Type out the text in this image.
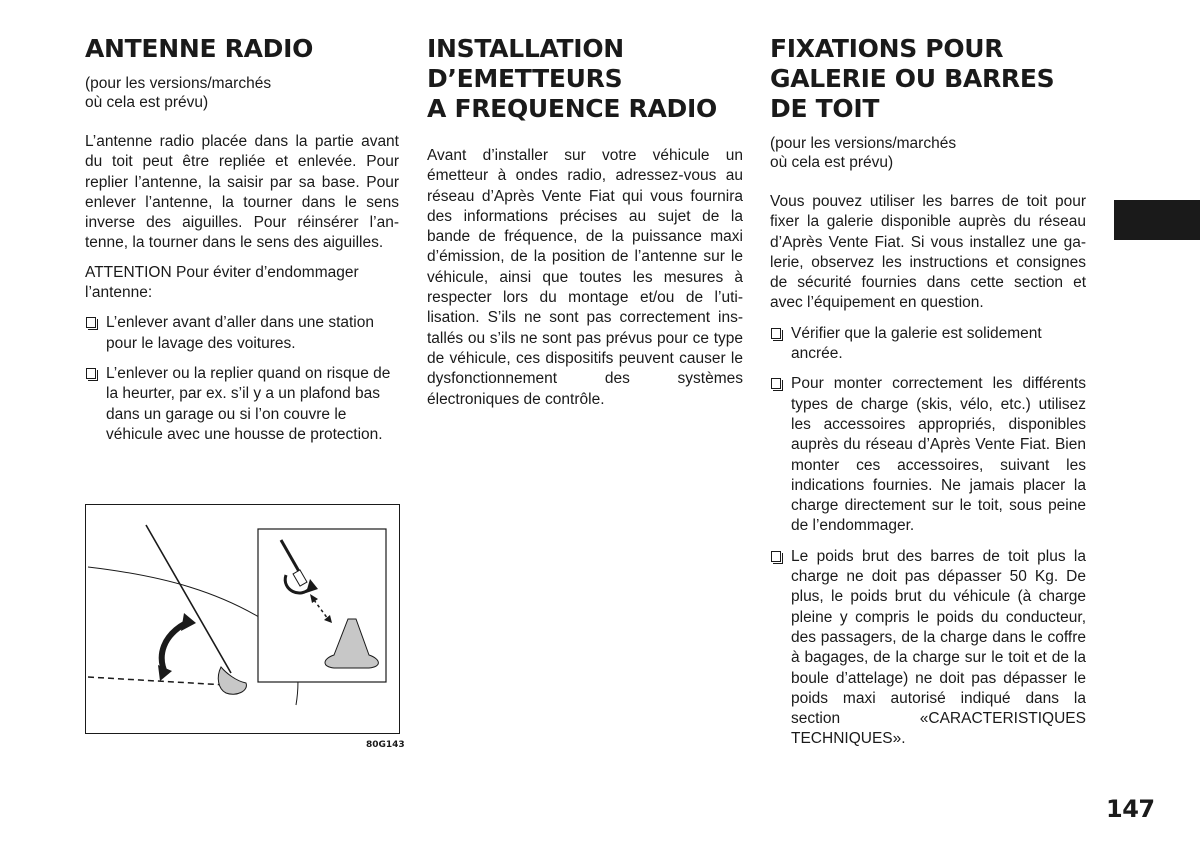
ANTENNE RADIO
(pour les versions/marchés
où cela est prévu)

L’antenne radio placée dans la partie avant du toit peut être repliée et enlevée. Pour replier l’antenne, la saisir par sa base. Pour enlever l’antenne, la tourner dans le sens inverse des aiguilles. Pour réinsérer l’antenne, la tourner dans le sens des aiguilles.

ATTENTION Pour éviter d’endommager l’antenne:

L’enlever avant d’aller dans une station pour le lavage des voitures.

L’enlever ou la replier quand on risque de la heurter, par ex. s’il y a un plafond bas dans un garage ou si l’on couvre le véhicule avec une housse de protection.

80G143
INSTALLATION
D’EMETTEURS
A FREQUENCE RADIO

Avant d’installer sur votre véhicule un émetteur à ondes radio, adressez-vous au réseau d’Après Vente Fiat qui vous fournira des informations précises au sujet de la bande de fréquence, de la puissance maxi d’émission, de la position de l’antenne sur le véhicule, ainsi que toutes les mesures à respecter lors du montage et/ou de l’utilisation. S’ils ne sont pas correctement installés ou s’ils ne sont pas prévus pour ce type de véhicule, ces dispositifs peuvent causer le dysfonctionnement des systèmes électroniques de contrôle.

FIXATIONS POUR
GALERIE OU BARRES
DE TOIT
(pour les versions/marchés
où cela est prévu)

Vous pouvez utiliser les barres de toit pour fixer la galerie disponible auprès du réseau d’Après Vente Fiat. Si vous installez une galerie, observez les instructions et consignes de sécurité fournies dans cette section et avec l’équipement en question.

Vérifier que la galerie est solidement ancrée.

Pour monter correctement les différents types de charge (skis, vélo, etc.) utilisez les accessoires appropriés, disponibles auprès du réseau d’Après Vente Fiat. Bien monter ces accessoires, suivant les indications fournies. Ne jamais placer la charge directement sur le toit, sous peine de l’endommager.

Le poids brut des barres de toit plus la charge ne doit pas dépasser 50 Kg. De plus, le poids brut du véhicule (à charge pleine y compris le poids du conducteur, des passagers, de la charge dans le coffre à bagages, de la charge sur le toit et de la boule d’attelage) ne doit pas dépasser le poids maxi autorisé indiqué dans la section «CARACTERISTIQUES TECHNIQUES».

147
